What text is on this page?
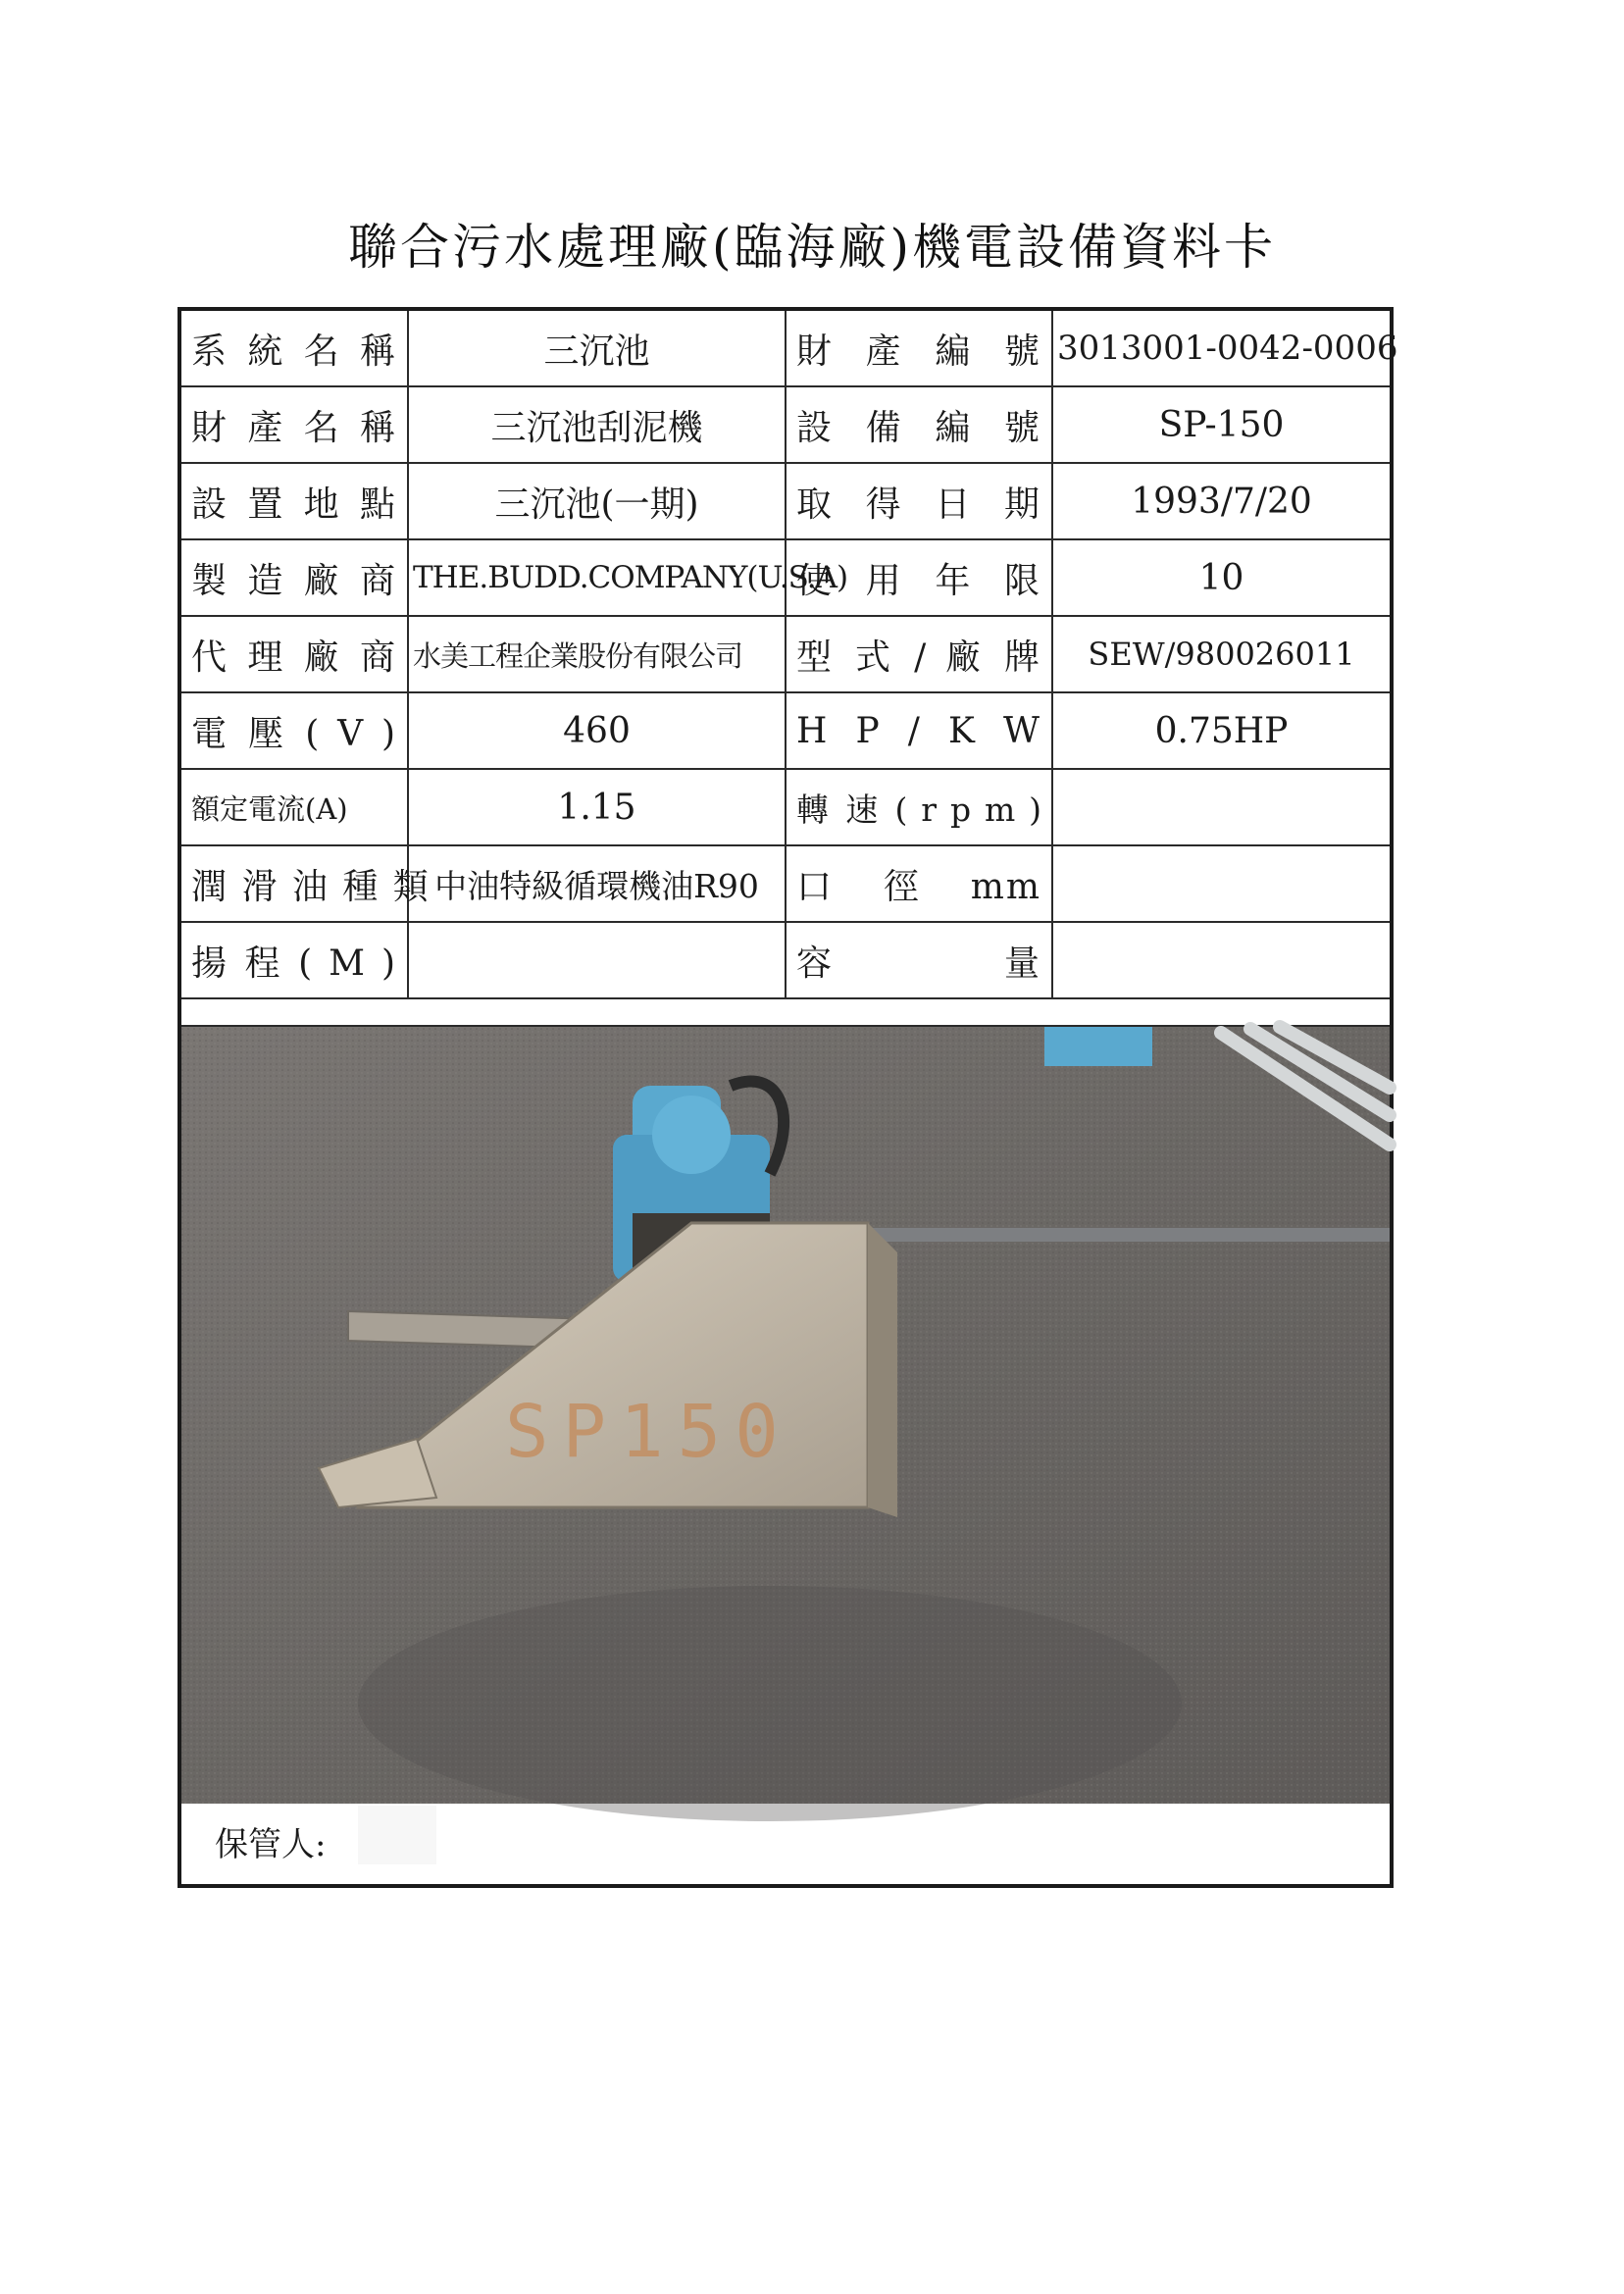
聯合污水處理廠(臨海廠)機電設備資料卡
系 統 名 稱	三沉池	財 產 編 號	3013001-0042-0006
財 產 名 稱	三沉池刮泥機	設 備 編 號	SP-150
設 置 地 點	三沉池(一期)	取 得 日 期	1993/7/20
製 造 廠 商	THE.BUDD.COMPANY(U.S.A)	使 用 年 限	10
代 理 廠 商	水美工程企業股份有限公司	型 式 / 廠 牌	SEW/980026011
電 壓 ( V )	460	H P / K W	0.75HP
額定電流(A)	1.15	轉 速 ( r p m )	
潤 滑 油 種 類	中油特級循環機油R90	口 徑 mm	
揚 程 ( M )		容 量	
SP150
保管人:
